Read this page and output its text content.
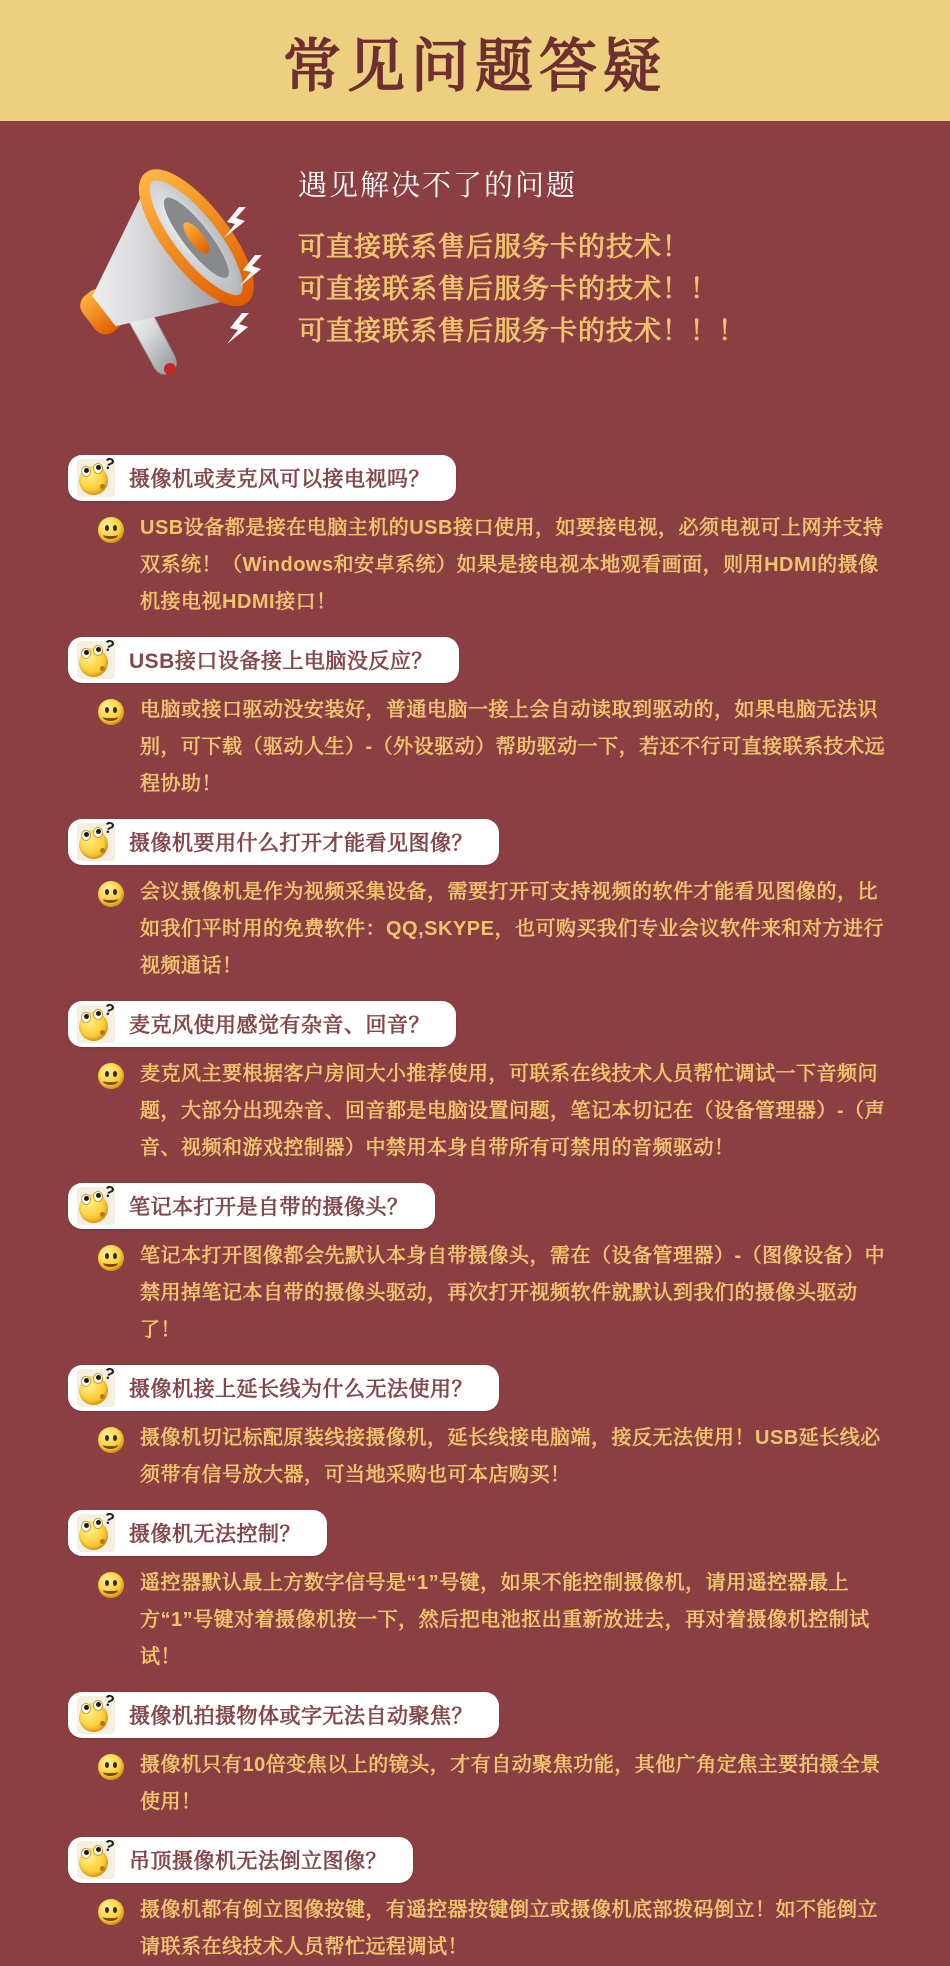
常见问题答疑
遇见解决不了的问题
可直接联系售后服务卡的技术！
可直接联系售后服务卡的技术！！
可直接联系售后服务卡的技术！！！
?
摄像机或麦克风可以接电视吗？

USB设备都是接在电脑主机的USB接口使用，如要接电视，必须电视可上网并支持双系统！（Windows和安卓系统）如果是接电视本地观看画面，则用HDMI的摄像机接电视HDMI接口！

?
USB接口设备接上电脑没反应？

电脑或接口驱动没安装好，普通电脑一接上会自动读取到驱动的，如果电脑无法识别，可下载（驱动人生）-（外设驱动）帮助驱动一下，若还不行可直接联系技术远程协助！

?
摄像机要用什么打开才能看见图像？

会议摄像机是作为视频采集设备，需要打开可支持视频的软件才能看见图像的，比如我们平时用的免费软件：QQ,SKYPE，也可购买我们专业会议软件来和对方进行视频通话！

?
麦克风使用感觉有杂音、回音？

麦克风主要根据客户房间大小推荐使用，可联系在线技术人员帮忙调试一下音频问题，大部分出现杂音、回音都是电脑设置问题，笔记本切记在（设备管理器）-（声音、视频和游戏控制器）中禁用本身自带所有可禁用的音频驱动！

?
笔记本打开是自带的摄像头？

笔记本打开图像都会先默认本身自带摄像头，需在（设备管理器）-（图像设备）中禁用掉笔记本自带的摄像头驱动，再次打开视频软件就默认到我们的摄像头驱动了！

?
摄像机接上延长线为什么无法使用？

摄像机切记标配原装线接摄像机，延长线接电脑端，接反无法使用！USB延长线必须带有信号放大器，可当地采购也可本店购买！

?
摄像机无法控制？

遥控器默认最上方数字信号是“1”号键，如果不能控制摄像机，请用遥控器最上方“1”号键对着摄像机按一下，然后把电池抠出重新放进去，再对着摄像机控制试试！

?
摄像机拍摄物体或字无法自动聚焦？

摄像机只有10倍变焦以上的镜头，才有自动聚焦功能，其他广角定焦主要拍摄全景使用！

?
吊顶摄像机无法倒立图像？

摄像机都有倒立图像按键，有遥控器按键倒立或摄像机底部拨码倒立！如不能倒立请联系在线技术人员帮忙远程调试！
